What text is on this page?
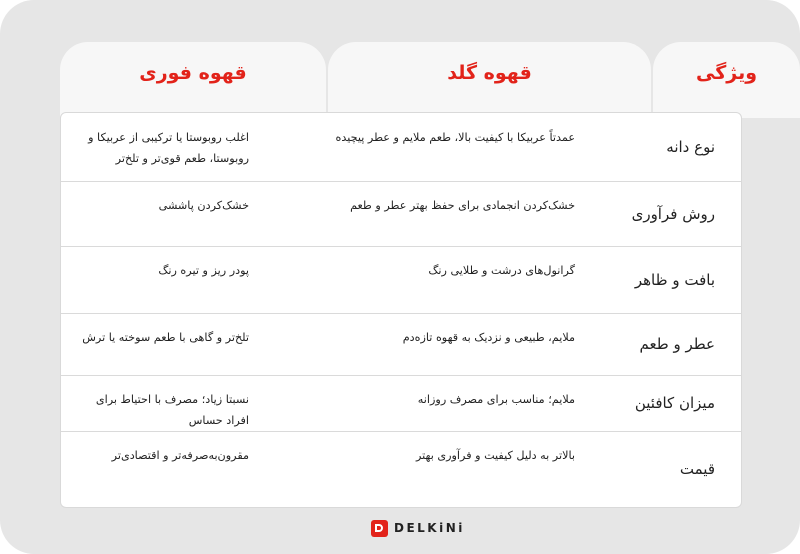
قهوه فوری	قهوه گلد	ویژگی
نوع دانه
عمدتاً عربیکا با کیفیت بالا، طعم ملایم و عطر پیچیده
اغلب روبوستا یا ترکیبی از عربیکا و روبوستا، طعم قوی‌تر و تلخ‌تر
روش فرآوری
خشک‌کردن انجمادی برای حفظ بهتر عطر و طعم
خشک‌کردن پاششی
بافت و ظاهر
گرانول‌های درشت و طلایی رنگ
پودر ریز و تیره رنگ
عطر و طعم
ملایم، طبیعی و نزدیک به قهوه تازه‌دم
تلخ‌تر و گاهی با طعم سوخته یا ترش
میزان کافئین
ملایم؛ مناسب برای مصرف روزانه
نسبتا زیاد؛ مصرف با احتیاط برای افراد حساس
قیمت
بالاتر به دلیل کیفیت و فرآوری بهتر
مقرون‌به‌صرفه‌تر و اقتصادی‌تر
DELKiNi
